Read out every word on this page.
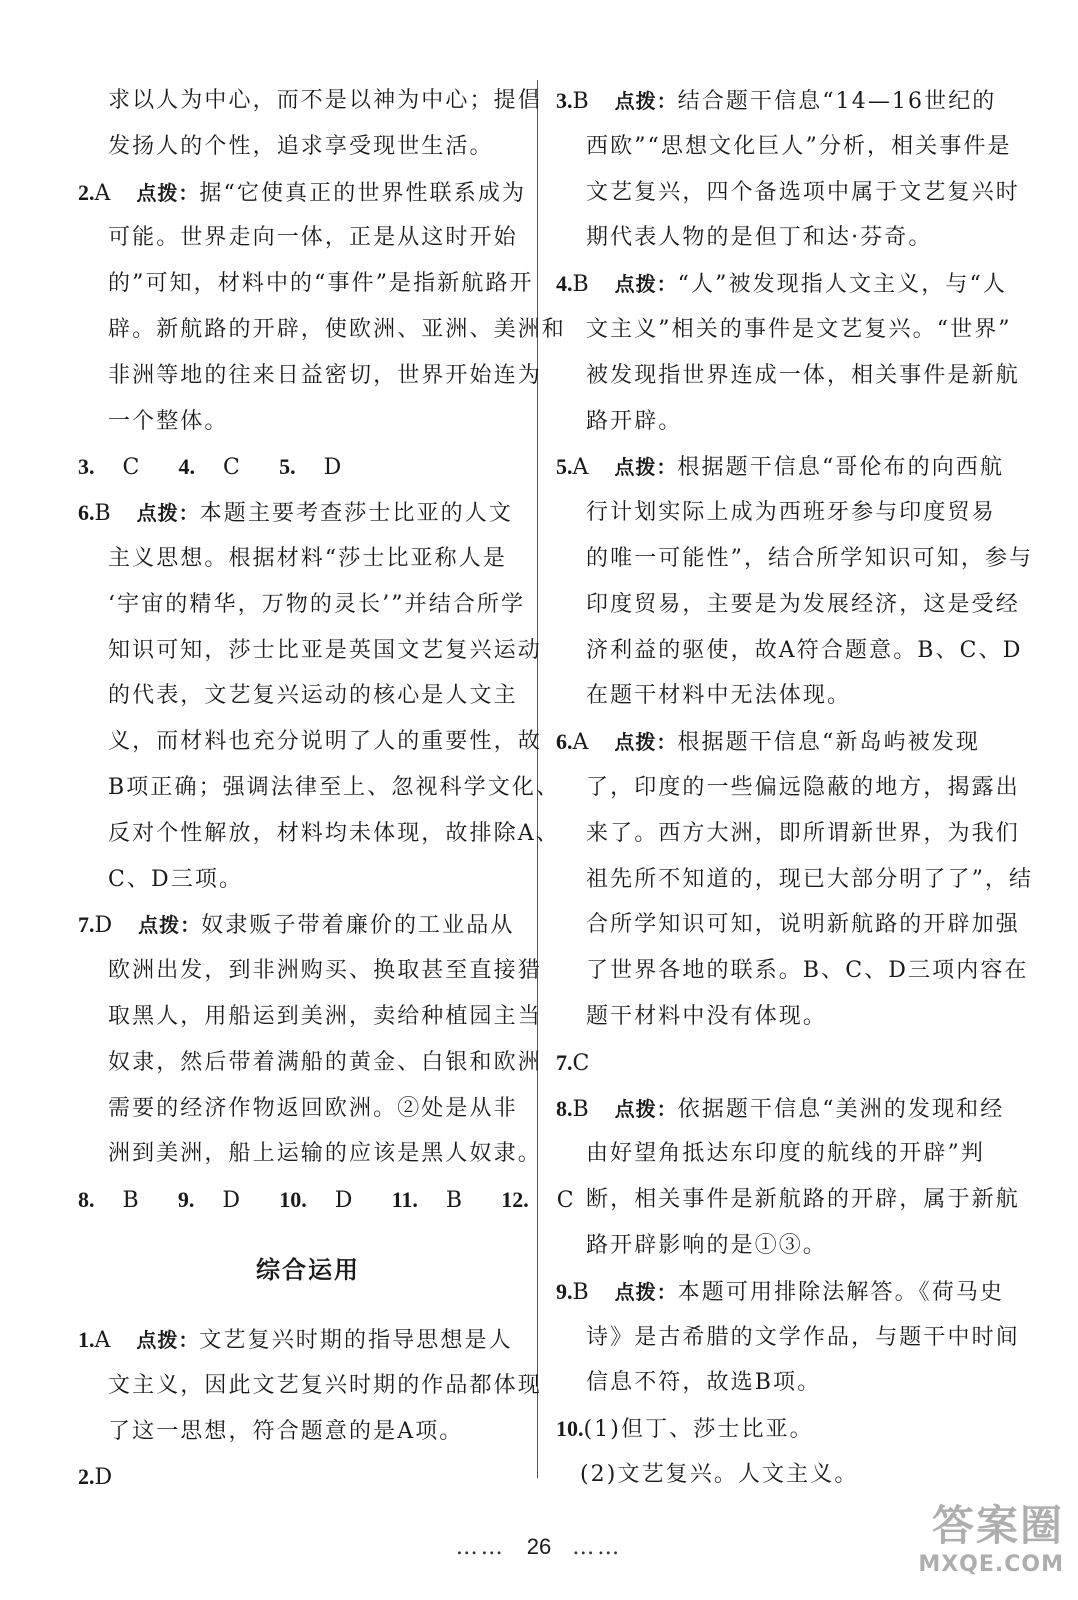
求以人为中心，而不是以神为中心；提倡
发扬人的个性，追求享受现世生活。
2.A 点拨：据“它使真正的世界性联系成为
可能。世界走向一体，正是从这时开始
的”可知，材料中的“事件”是指新航路开
辟。新航路的开辟，使欧洲、亚洲、美洲和
非洲等地的往来日益密切，世界开始连为
一个整体。
3. C 4. C 5. D
6.B 点拨：本题主要考查莎士比亚的人文
主义思想。根据材料“莎士比亚称人是
‘宇宙的精华，万物的灵长’”并结合所学
知识可知，莎士比亚是英国文艺复兴运动
的代表，文艺复兴运动的核心是人文主
义，而材料也充分说明了人的重要性，故
B项正确；强调法律至上、忽视科学文化、
反对个性解放，材料均未体现，故排除A、
C、D三项。
7.D 点拨：奴隶贩子带着廉价的工业品从
欧洲出发，到非洲购买、换取甚至直接猎
取黑人，用船运到美洲，卖给种植园主当
奴隶，然后带着满船的黄金、白银和欧洲
需要的经济作物返回欧洲。②处是从非
洲到美洲，船上运输的应该是黑人奴隶。
8. B 9. D 10. D 11. B 12. C
综合运用
1.A 点拨：文艺复兴时期的指导思想是人
文主义，因此文艺复兴时期的作品都体现
了这一思想，符合题意的是A项。
2.D
3.B 点拨：结合题干信息“14—16世纪的
西欧”“思想文化巨人”分析，相关事件是
文艺复兴，四个备选项中属于文艺复兴时
期代表人物的是但丁和达·芬奇。
4.B 点拨：“人”被发现指人文主义，与“人
文主义”相关的事件是文艺复兴。“世界”
被发现指世界连成一体，相关事件是新航
路开辟。
5.A 点拨：根据题干信息“哥伦布的向西航
行计划实际上成为西班牙参与印度贸易
的唯一可能性”，结合所学知识可知，参与
印度贸易，主要是为发展经济，这是受经
济利益的驱使，故A符合题意。B、C、D
在题干材料中无法体现。
6.A 点拨：根据题干信息“新岛屿被发现
了，印度的一些偏远隐蔽的地方，揭露出
来了。西方大洲，即所谓新世界，为我们
祖先所不知道的，现已大部分明了了”，结
合所学知识可知，说明新航路的开辟加强
了世界各地的联系。B、C、D三项内容在
题干材料中没有体现。
7.C
8.B 点拨：依据题干信息“美洲的发现和经
由好望角抵达东印度的航线的开辟”判
断，相关事件是新航路的开辟，属于新航
路开辟影响的是①③。
9.B 点拨：本题可用排除法解答。《荷马史
诗》是古希腊的文学作品，与题干中时间
信息不符，故选B项。
10.(1)但丁、莎士比亚。
(2)文艺复兴。人文主义。
…… 26 ……	答案圈
MXQE.COM
